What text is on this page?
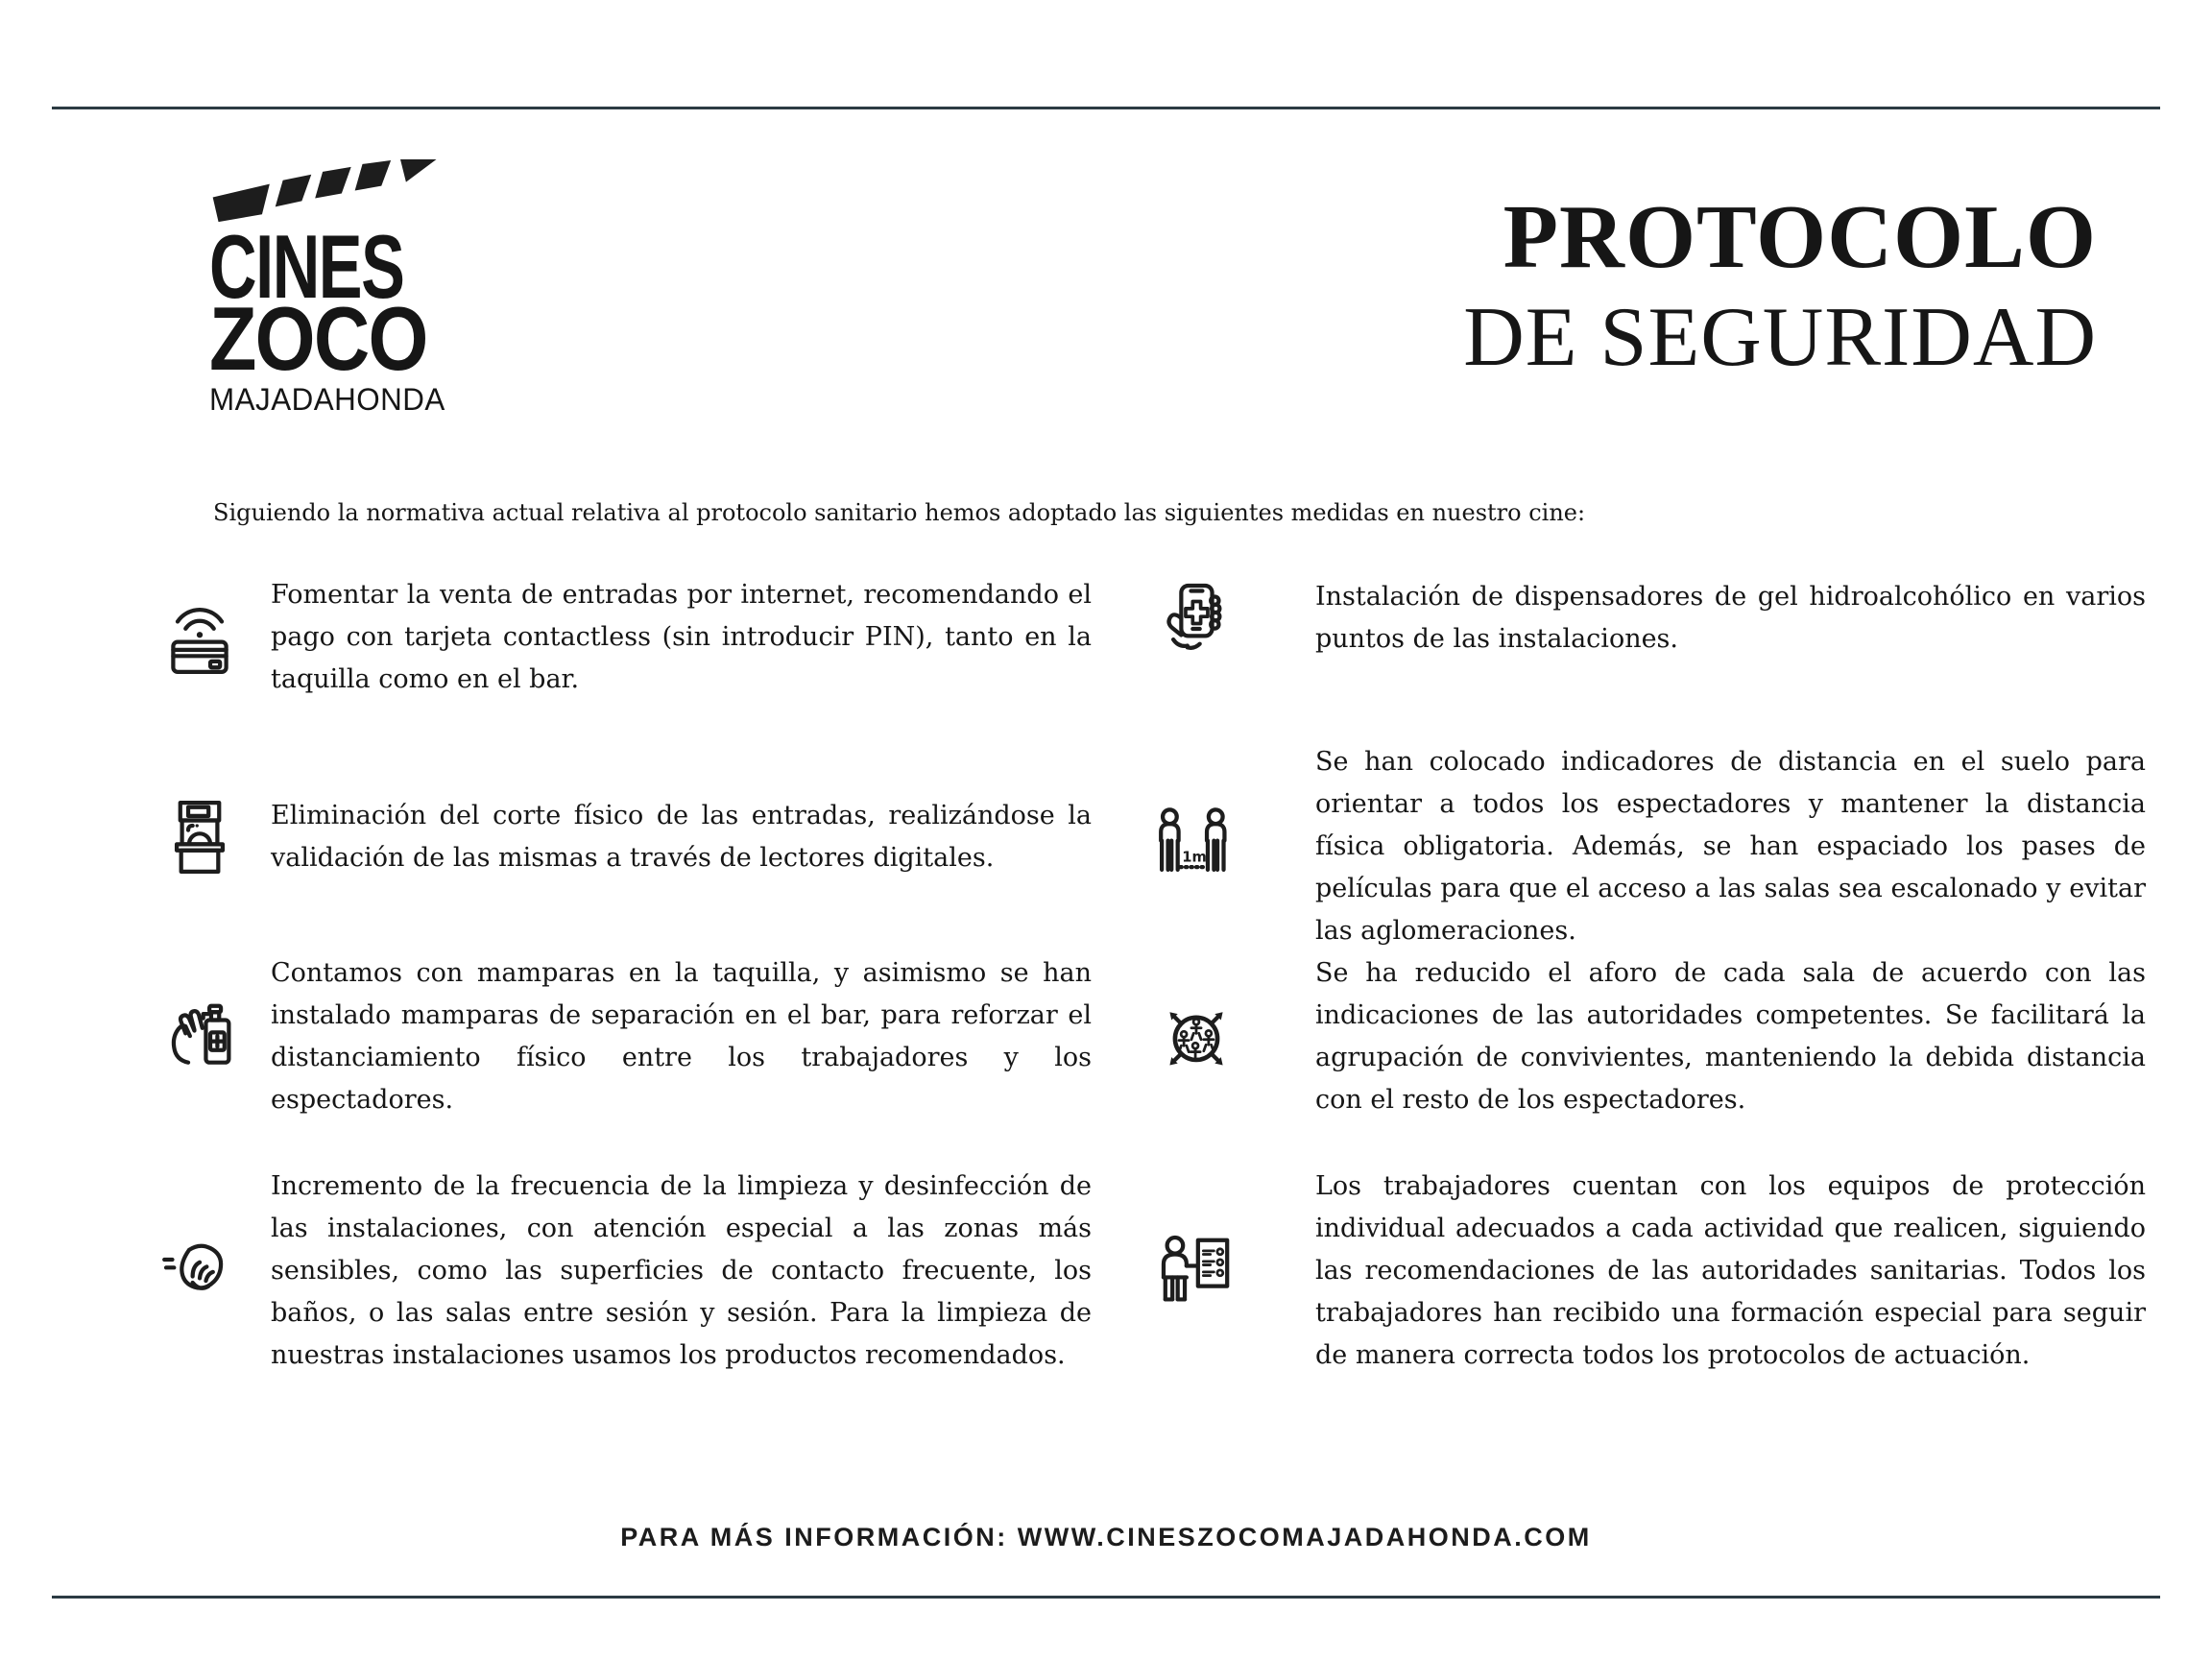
CINES
ZOCO
MAJADAHONDA
PROTOCOLO
DE SEGURIDAD

Siguiendo la normativa actual relativa al protocolo sanitario hemos adoptado las siguientes medidas en nuestro cine:

Fomentar la venta de entradas por internet, recomendando el pago con tarjeta contactless (sin introducir PIN), tanto en la taquilla como en el bar.

Eliminación del corte físico de las entradas, realizándose la validación de las mismas a través de lectores digitales.

Contamos con mamparas en la taquilla, y asimismo se han instalado mamparas de separación en el bar, para reforzar el distanciamiento físico entre los trabajadores y los espectadores.

Incremento de la frecuencia de la limpieza y desinfección de las instalaciones, con atención especial a las zonas más sensibles, como las superficies de contacto frecuente, los baños, o las salas entre sesión y sesión. Para la limpieza de nuestras instalaciones usamos los productos recomendados.

Instalación de dispensadores de gel hidroalcohólico en varios puntos de las instalaciones.

1m

Se han colocado indicadores de distancia en el suelo para orientar a todos los espectadores y mantener la distancia física obligatoria. Además, se han espaciado los pases de películas para que el acceso a las salas sea escalonado y evitar las aglomeraciones.

Se ha reducido el aforo de cada sala de acuerdo con las indicaciones de las autoridades competentes. Se facilitará la agrupación de convivientes, manteniendo la debida distancia con el resto de los espectadores.

Los trabajadores cuentan con los equipos de protección individual adecuados a cada actividad que realicen, siguiendo las recomendaciones de las autoridades sanitarias. Todos los trabajadores han recibido una formación especial para seguir de manera correcta todos los protocolos de actuación.

PARA MÁS INFORMACIÓN: WWW.CINESZOCOMAJADAHONDA.COM
